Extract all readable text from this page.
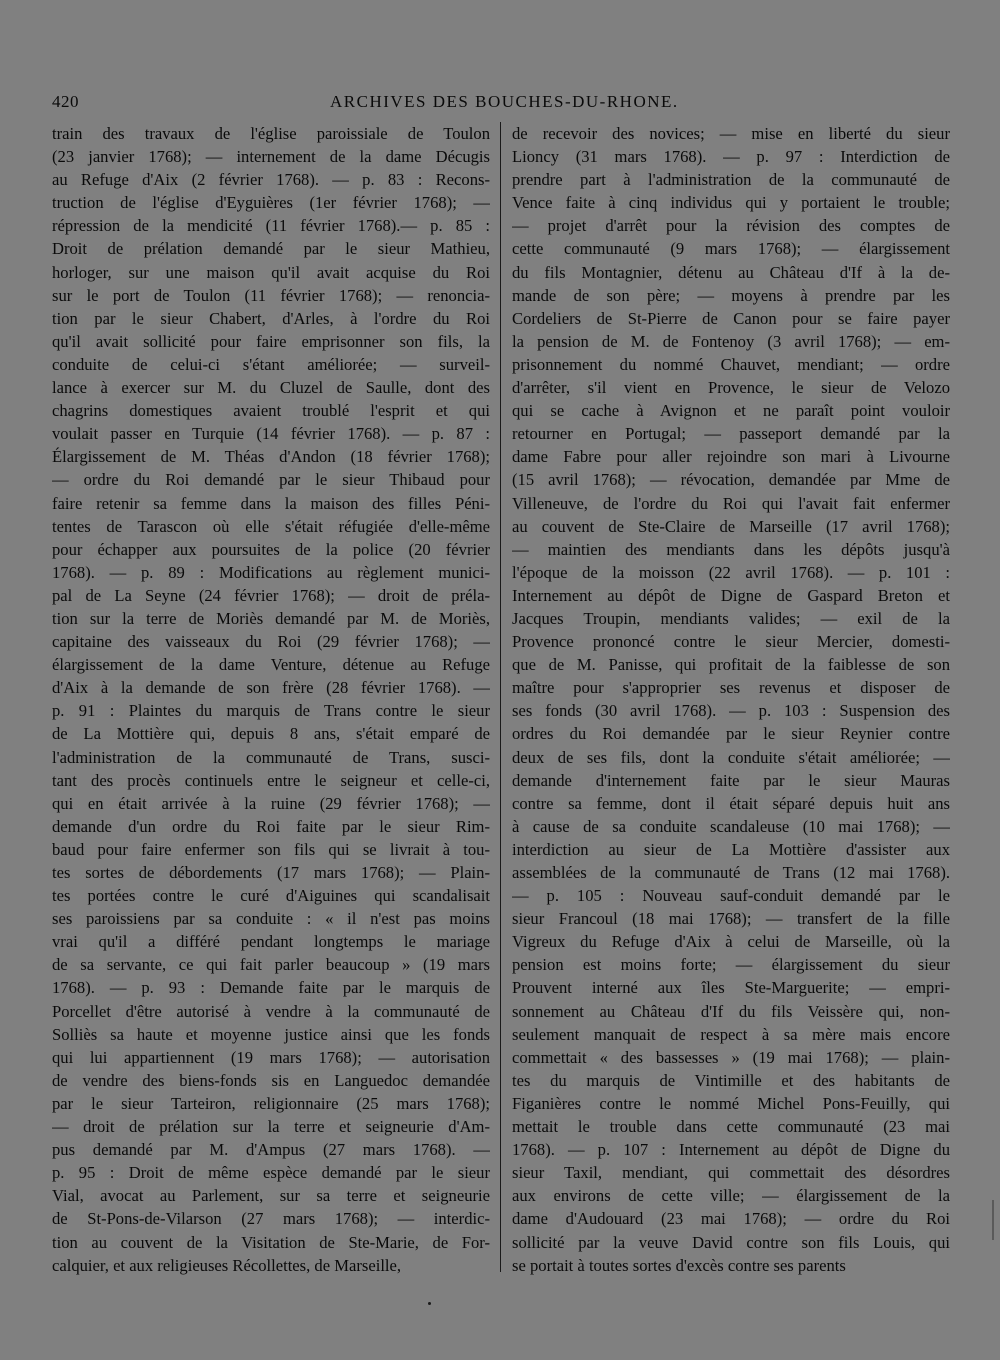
420	ARCHIVES DES BOUCHES-DU-RHONE.
train des travaux de l'église paroissiale de Toulon
(23 janvier 1768); — internement de la dame Décugis
au Refuge d'Aix (2 février 1768). — p. 83 : Recons-
truction de l'église d'Eyguières (1er février 1768); —
répression de la mendicité (11 février 1768).— p. 85 :
Droit de prélation demandé par le sieur Mathieu,
horloger, sur une maison qu'il avait acquise du Roi
sur le port de Toulon (11 février 1768); — renoncia-
tion par le sieur Chabert, d'Arles, à l'ordre du Roi
qu'il avait sollicité pour faire emprisonner son fils, la
conduite de celui-ci s'étant améliorée; — surveil-
lance à exercer sur M. du Cluzel de Saulle, dont des
chagrins domestiques avaient troublé l'esprit et qui
voulait passer en Turquie (14 février 1768). — p. 87 :
Élargissement de M. Théas d'Andon (18 février 1768);
— ordre du Roi demandé par le sieur Thibaud pour
faire retenir sa femme dans la maison des filles Péni-
tentes de Tarascon où elle s'était réfugiée d'elle-même
pour échapper aux poursuites de la police (20 février
1768). — p. 89 : Modifications au règlement munici-
pal de La Seyne (24 février 1768); — droit de préla-
tion sur la terre de Moriès demandé par M. de Moriès,
capitaine des vaisseaux du Roi (29 février 1768); —
élargissement de la dame Venture, détenue au Refuge
d'Aix à la demande de son frère (28 février 1768). —
p. 91 : Plaintes du marquis de Trans contre le sieur
de La Mottière qui, depuis 8 ans, s'était emparé de
l'administration de la communauté de Trans, susci-
tant des procès continuels entre le seigneur et celle-ci,
qui en était arrivée à la ruine (29 février 1768); —
demande d'un ordre du Roi faite par le sieur Rim-
baud pour faire enfermer son fils qui se livrait à tou-
tes sortes de débordements (17 mars 1768); — Plain-
tes portées contre le curé d'Aiguines qui scandalisait
ses paroissiens par sa conduite : « il n'est pas moins
vrai qu'il a différé pendant longtemps le mariage
de sa servante, ce qui fait parler beaucoup » (19 mars
1768). — p. 93 : Demande faite par le marquis de
Porcellet d'être autorisé à vendre à la communauté de
Solliès sa haute et moyenne justice ainsi que les fonds
qui lui appartiennent (19 mars 1768); — autorisation
de vendre des biens-fonds sis en Languedoc demandée
par le sieur Tarteiron, religionnaire (25 mars 1768);
— droit de prélation sur la terre et seigneurie d'Am-
pus demandé par M. d'Ampus (27 mars 1768). —
p. 95 : Droit de même espèce demandé par le sieur
Vial, avocat au Parlement, sur sa terre et seigneurie
de St-Pons-de-Vilarson (27 mars 1768); — interdic-
tion au couvent de la Visitation de Ste-Marie, de For-
calquier, et aux religieuses Récollettes, de Marseille,
de recevoir des novices; — mise en liberté du sieur
Lioncy (31 mars 1768). — p. 97 : Interdiction de
prendre part à l'administration de la communauté de
Vence faite à cinq individus qui y portaient le trouble;
— projet d'arrêt pour la révision des comptes de
cette communauté (9 mars 1768); — élargissement
du fils Montagnier, détenu au Château d'If à la de-
mande de son père; — moyens à prendre par les
Cordeliers de St-Pierre de Canon pour se faire payer
la pension de M. de Fontenoy (3 avril 1768); — em-
prisonnement du nommé Chauvet, mendiant; — ordre
d'arrêter, s'il vient en Provence, le sieur de Velozo
qui se cache à Avignon et ne paraît point vouloir
retourner en Portugal; — passeport demandé par la
dame Fabre pour aller rejoindre son mari à Livourne
(15 avril 1768); — révocation, demandée par Mme de
Villeneuve, de l'ordre du Roi qui l'avait fait enfermer
au couvent de Ste-Claire de Marseille (17 avril 1768);
— maintien des mendiants dans les dépôts jusqu'à
l'époque de la moisson (22 avril 1768). — p. 101 :
Internement au dépôt de Digne de Gaspard Breton et
Jacques Troupin, mendiants valides; — exil de la
Provence prononcé contre le sieur Mercier, domesti-
que de M. Panisse, qui profitait de la faiblesse de son
maître pour s'approprier ses revenus et disposer de
ses fonds (30 avril 1768). — p. 103 : Suspension des
ordres du Roi demandée par le sieur Reynier contre
deux de ses fils, dont la conduite s'était améliorée; —
demande d'internement faite par le sieur Mauras
contre sa femme, dont il était séparé depuis huit ans
à cause de sa conduite scandaleuse (10 mai 1768); —
interdiction au sieur de La Mottière d'assister aux
assemblées de la communauté de Trans (12 mai 1768).
— p. 105 : Nouveau sauf-conduit demandé par le
sieur Francoul (18 mai 1768); — transfert de la fille
Vigreux du Refuge d'Aix à celui de Marseille, où la
pension est moins forte; — élargissement du sieur
Prouvent interné aux îles Ste-Marguerite; — empri-
sonnement au Château d'If du fils Veissère qui, non-
seulement manquait de respect à sa mère mais encore
commettait « des bassesses » (19 mai 1768); — plain-
tes du marquis de Vintimille et des habitants de
Figanières contre le nommé Michel Pons-Feuilly, qui
mettait le trouble dans cette communauté (23 mai
1768). — p. 107 : Internement au dépôt de Digne du
sieur Taxil, mendiant, qui commettait des désordres
aux environs de cette ville; — élargissement de la
dame d'Audouard (23 mai 1768); — ordre du Roi
sollicité par la veuve David contre son fils Louis, qui
se portait à toutes sortes d'excès contre ses parents
